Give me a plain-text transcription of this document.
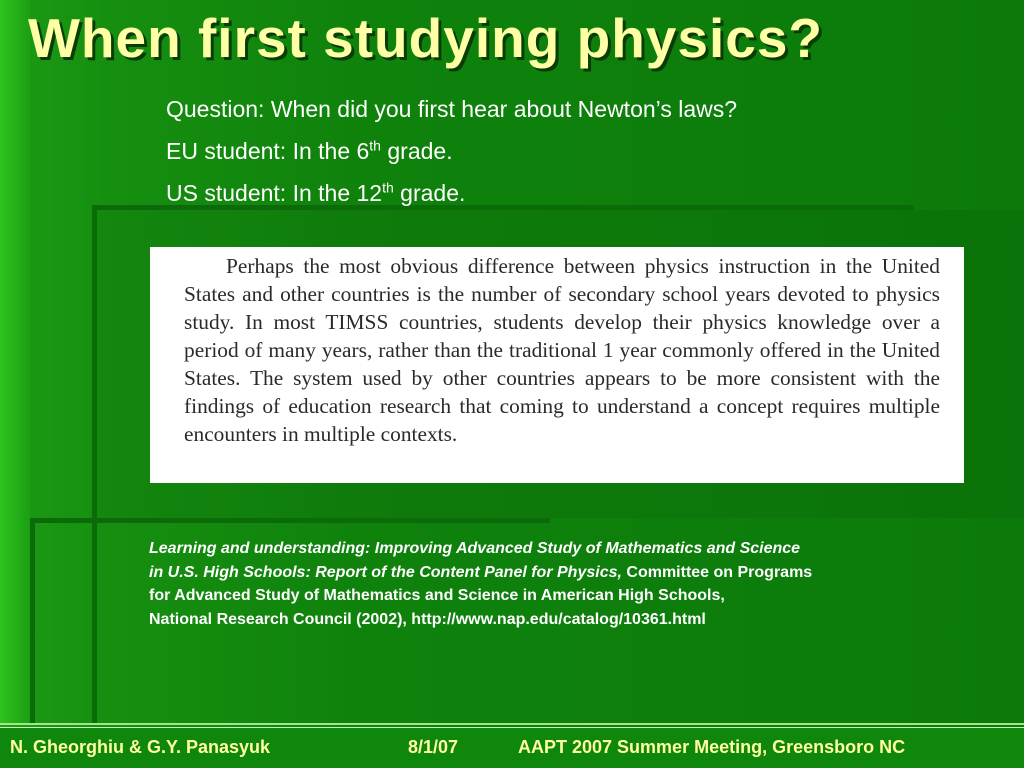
When first studying physics?
Question: When did you first hear about Newton’s laws?
EU student: In the 6th grade.
US student: In the 12th grade.
Perhaps the most obvious difference between physics instruction in the United States and other countries is the number of secondary school years devoted to physics study. In most TIMSS countries, students develop their physics knowledge over a period of many years, rather than the traditional 1 year commonly offered in the United States. The system used by other countries appears to be more consistent with the findings of education research that coming to understand a concept requires multiple encounters in multiple contexts.
Learning and understanding: Improving Advanced Study of Mathematics and Science
in U.S. High Schools: Report of the Content Panel for Physics, Committee on Programs
for Advanced Study of Mathematics and Science in American High Schools,
National Research Council (2002), http://www.nap.edu/catalog/10361.html
N. Gheorghiu & G.Y. Panasyuk	8/1/07	AAPT 2007 Summer Meeting, Greensboro NC
